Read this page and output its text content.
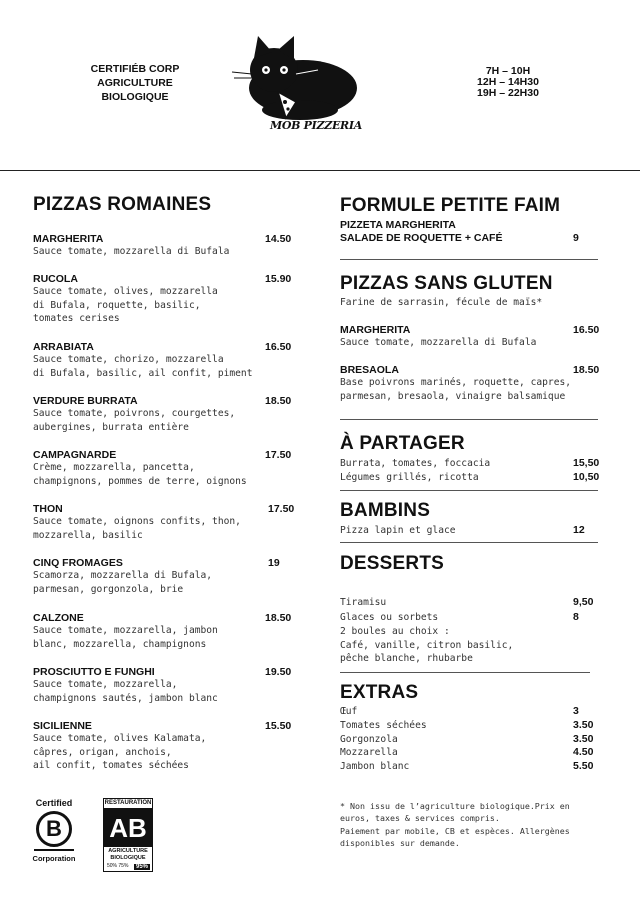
CERTIFIÉB CORP
AGRICULTURE
BIOLOGIQUE
MOB PIZZERIA
7H – 10H
12H – 14H30
19H – 22H30
PIZZAS ROMAINES
MARGHERITA	14.50
Sauce tomate, mozzarella di Bufala
RUCOLA	15.90
Sauce tomate, olives, mozzarella
di Bufala, roquette, basilic,
tomates cerises
ARRABIATA	16.50
Sauce tomate, chorizo, mozzarella
di Bufala, basilic, ail confit, piment
VERDURE BURRATA	18.50
Sauce tomate, poivrons, courgettes,
aubergines, burrata entière
CAMPAGNARDE	17.50
Crème, mozzarella, pancetta,
champignons, pommes de terre, oignons
THON	17.50
Sauce tomate, oignons confits, thon,
mozzarella, basilic
CINQ FROMAGES	19
Scamorza, mozzarella di Bufala,
parmesan, gorgonzola, brie
CALZONE	18.50
Sauce tomate, mozzarella, jambon
blanc, mozzarella, champignons
PROSCIUTTO E FUNGHI	19.50
Sauce tomate, mozzarella,
champignons sautés, jambon blanc
SICILIENNE	15.50
Sauce tomate, olives Kalamata,
câpres, origan, anchois,
ail confit, tomates séchées
Certified
B
Corporation
RESTAURATION
AB
AGRICULTURE
BIOLOGIQUE
50% 75%	95%
FORMULE PETITE FAIM
PIZZETA MARGHERITA
SALADE DE ROQUETTE + CAFÉ	9
PIZZAS SANS GLUTEN
Farine de sarrasin, fécule de maïs*
MARGHERITA	16.50
Sauce tomate, mozzarella di Bufala
BRESAOLA	18.50
Base poivrons marinés, roquette, capres,
parmesan, bresaola, vinaigre balsamique
À PARTAGER
Burrata, tomates, foccacia	15,50
Légumes grillés, ricotta	10,50
BAMBINS
Pizza lapin et glace	12
DESSERTS
Tiramisu	9,50
Glaces ou sorbets	8
2 boules au choix :
Café, vanille, citron basilic,
pêche blanche, rhubarbe
EXTRAS
Œuf	3
Tomates séchées	3.50
Gorgonzola	3.50
Mozzarella	4.50
Jambon blanc	5.50
* Non issu de l’agriculture biologique.Prix en
euros, taxes & services compris.
Paiement par mobile, CB et espèces. Allergènes
disponibles sur demande.
